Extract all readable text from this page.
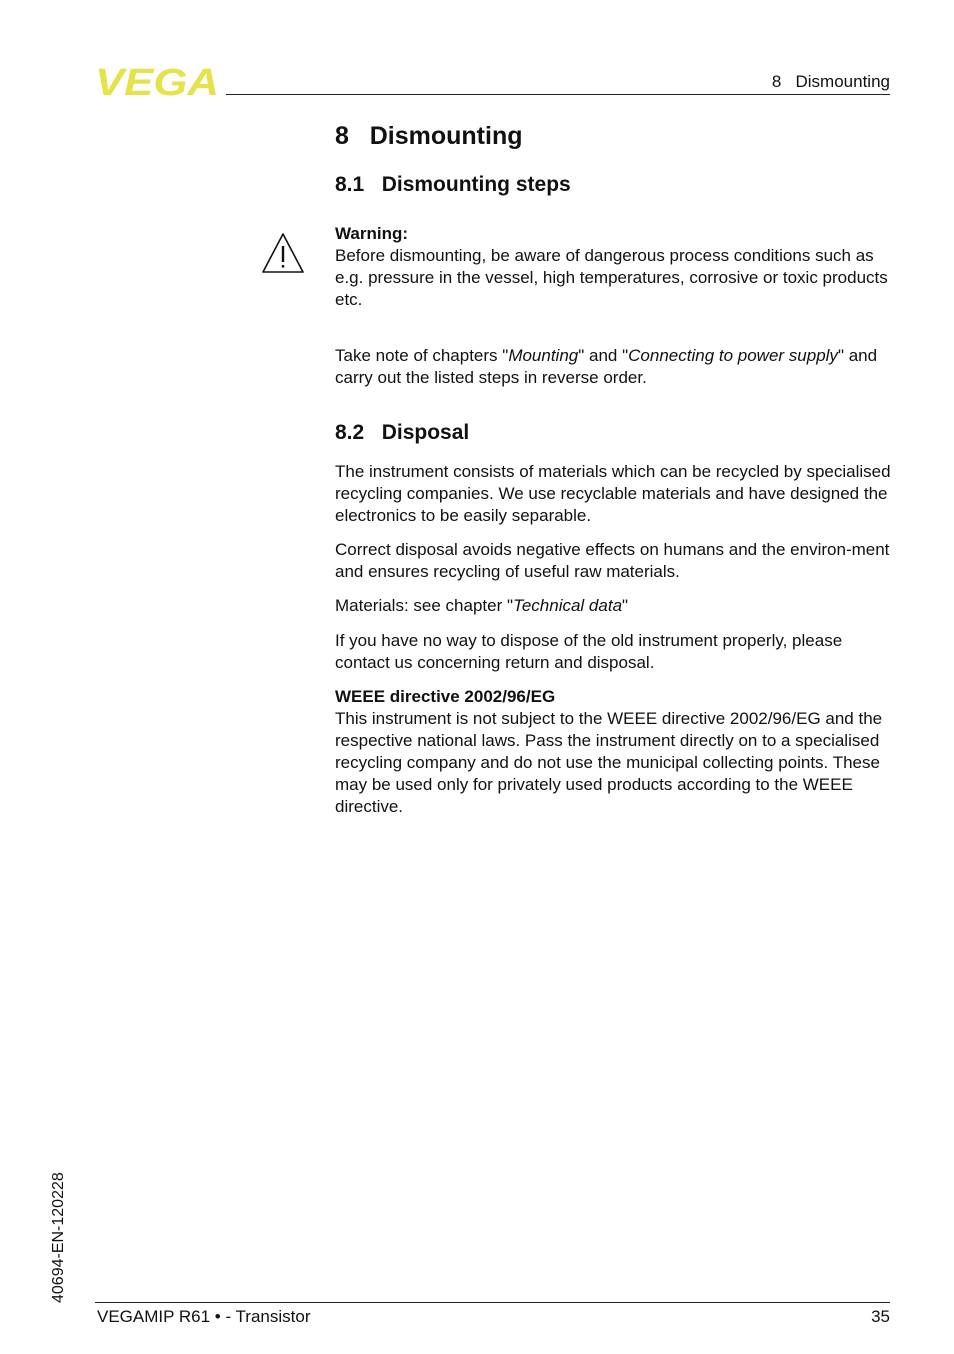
VEGA	8   Dismounting
8   Dismounting
8.1   Dismounting steps

Warning:

Before dismounting, be aware of dangerous process conditions such as e.g. pressure in the vessel, high temperatures, corrosive or toxic products etc.

Take note of chapters "Mounting" and "Connecting to power supply" and carry out the listed steps in reverse order.

8.2   Disposal
The instrument consists of materials which can be recycled by specialised recycling companies. We use recyclable materials and have designed the electronics to be easily separable.
Correct disposal avoids negative effects on humans and the environ-ment and ensures recycling of useful raw materials.
Materials: see chapter "Technical data"
If you have no way to dispose of the old instrument properly, please contact us concerning return and disposal.

WEEE directive 2002/96/EG

This instrument is not subject to the WEEE directive 2002/96/EG and the respective national laws. Pass the instrument directly on to a specialised recycling company and do not use the municipal collecting points. These may be used only for privately used products according to the WEEE directive.

40694-EN-120228
VEGAMIP R61 • - Transistor	35
